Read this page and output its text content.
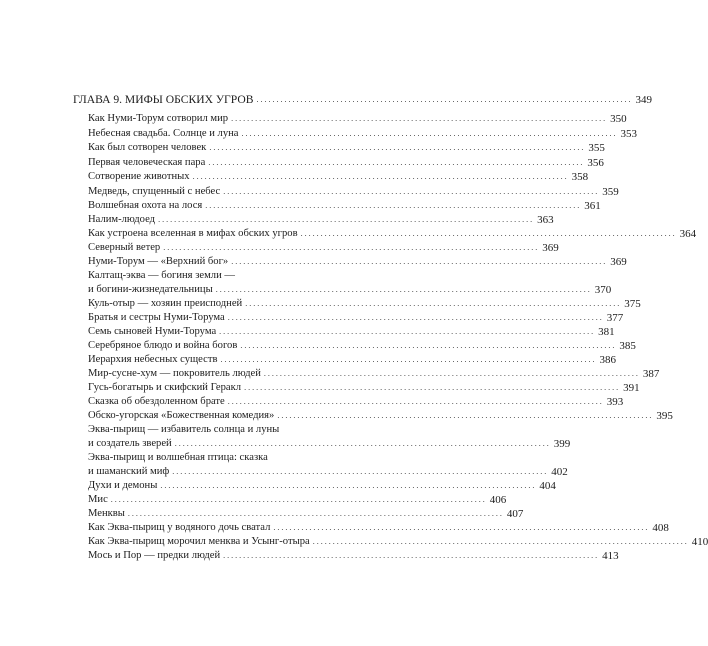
ГЛАВА 9. МИФЫ ОБСКИХ УГРОВ .............................................................................................. 349
Как Нуми-Торум сотворил мир .............................................................................................. 350
Небесная свадьба. Солнце и луна .............................................................................................. 353
Как был сотворен человек .............................................................................................. 355
Первая человеческая пара .............................................................................................. 356
Сотворение животных .............................................................................................. 358
Медведь, спущенный с небес .............................................................................................. 359
Волшебная охота на лося .............................................................................................. 361
Налим-людоед .............................................................................................. 363
Как устроена вселенная в мифах обских угров .............................................................................................. 364
Северный ветер .............................................................................................. 369
Нуми-Торум — «Верхний бог» .............................................................................................. 369
Калтащ-эква — богиня земли —
и богини-жизнедательницы .............................................................................................. 370
Куль-отыр — хозяин преисподней .............................................................................................. 375
Братья и сестры Нуми-Торума .............................................................................................. 377
Семь сыновей Нуми-Торума .............................................................................................. 381
Серебряное блюдо и война богов .............................................................................................. 385
Иерархия небесных существ .............................................................................................. 386
Мир-сусне-хум — покровитель людей .............................................................................................. 387
Гусь-богатырь и скифский Геракл .............................................................................................. 391
Сказка об обездоленном брате .............................................................................................. 393
Обско-угорская «Божественная комедия» .............................................................................................. 395
Эква-пырищ — избавитель солнца и луны
и создатель зверей .............................................................................................. 399
Эква-пырищ и волшебная птица: сказка
и шаманский миф .............................................................................................. 402
Духи и демоны .............................................................................................. 404
Мис .............................................................................................. 406
Менквы .............................................................................................. 407
Как Эква-пырищ у водяного дочь сватал .............................................................................................. 408
Как Эква-пырищ морочил менква и Усынг-отыра .............................................................................................. 410
Мось и Пор — предки людей .............................................................................................. 413
